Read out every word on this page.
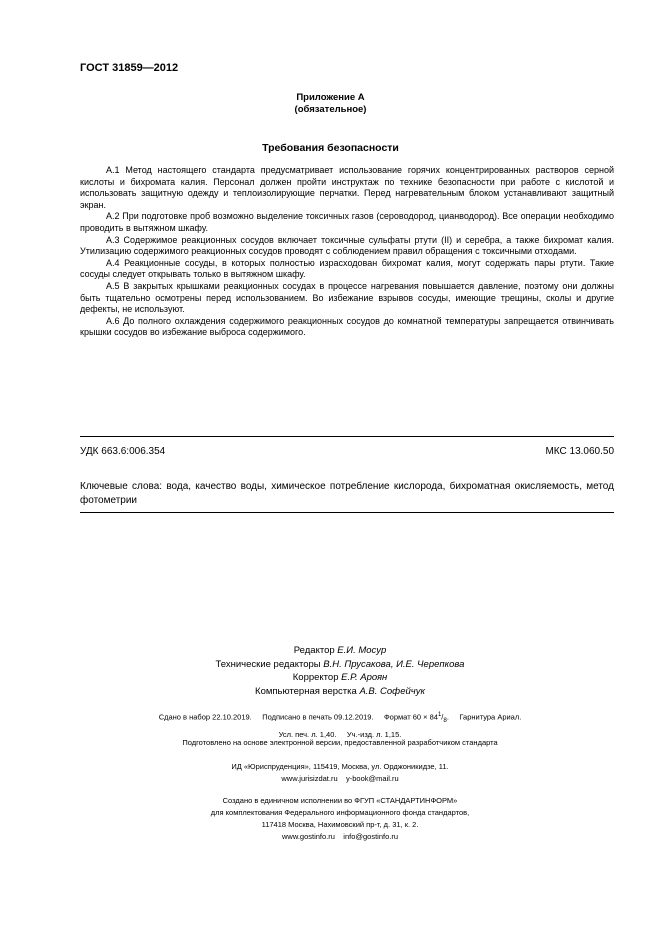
ГОСТ 31859—2012
Приложение А
(обязательное)
Требования безопасности

А.1 Метод настоящего стандарта предусматривает использование горячих концентрированных растворов серной кислоты и бихромата калия. Персонал должен пройти инструктаж по технике безопасности при работе с кислотой и использовать защитную одежду и теплоизолирующие перчатки. Перед нагревательным блоком устанавливают защитный экран.

А.2 При подготовке проб возможно выделение токсичных газов (сероводород, цианводород). Все операции необходимо проводить в вытяжном шкафу.

А.3 Содержимое реакционных сосудов включает токсичные сульфаты ртути (II) и серебра, а также бихромат калия. Утилизацию содержимого реакционных сосудов проводят с соблюдением правил обращения с токсичными отходами.

А.4 Реакционные сосуды, в которых полностью израсходован бихромат калия, могут содержать пары ртути. Такие сосуды следует открывать только в вытяжном шкафу.

А.5 В закрытых крышками реакционных сосудах в процессе нагревания повышается давление, поэтому они должны быть тщательно осмотрены перед использованием. Во избежание взрывов сосуды, имеющие трещины, сколы и другие дефекты, не используют.

А.6 До полного охлаждения содержимого реакционных сосудов до комнатной температуры запрещается отвинчивать крышки сосудов во избежание выброса содержимого.

УДК 663.6:006.354	МКС 13.060.50
Ключевые слова: вода, качество воды, химическое потребление кислорода, бихроматная окисляемость, метод фотометрии
Редактор Е.И. Мосур
Технические редакторы В.Н. Прусакова, И.Е. Черепкова
Корректор Е.Р. Ароян
Компьютерная верстка А.В. Софейчук
Сдано в набор 22.10.2019. Подписано в печать 09.12.2019. Формат $60 \times 84^1/_8$.     Гарнитура Ариал.
Усл. печ. л. 1,40. Уч.-изд. л. 1,15.
Подготовлено на основе электронной версии, предоставленной разработчиком стандарта
ИД «Юриспруденция», 115419, Москва, ул. Орджоникидзе, 11.
www.jurisizdat.ru y-book@mail.ru
Создано в единичном исполнении во ФГУП «СТАНДАРТИНФОРМ»
для комплектования Федерального информационного фонда стандартов,
117418 Москва, Нахимовский пр-т, д. 31, к. 2.
www.gostinfo.ru info@gostinfo.ru
